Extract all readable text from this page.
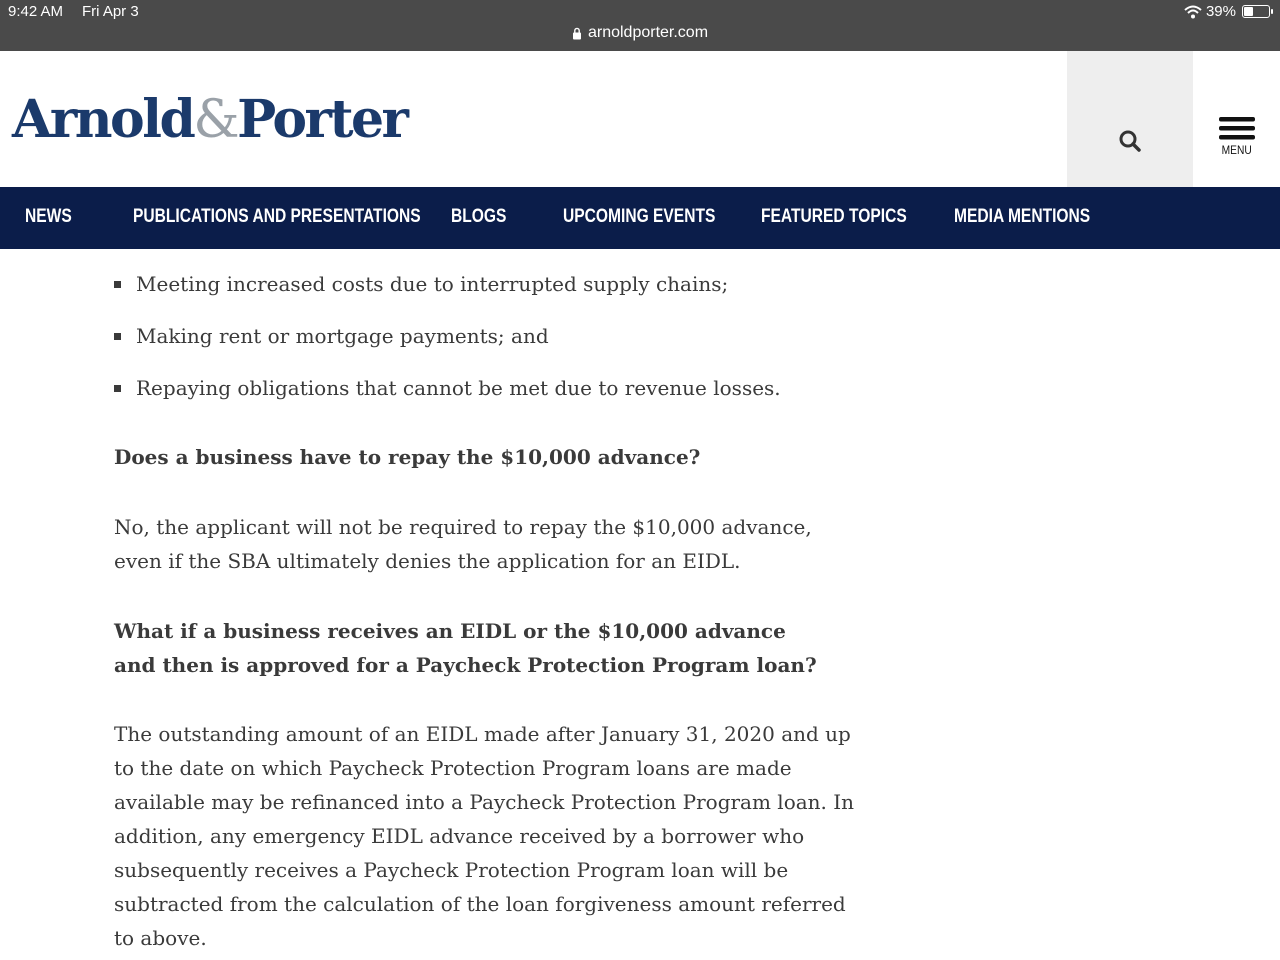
9:42 AM Fri Apr 3	39%
arnoldporter.com
Arnold&Porter	MENU
NEWS	PUBLICATIONS AND PRESENTATIONS BLOGS	UPCOMING EVENTS FEATURED TOPICS MEDIA MENTIONS
Meeting increased costs due to interrupted supply chains;
Making rent or mortgage payments; and
Repaying obligations that cannot be met due to revenue losses.

Does a business have to repay the $10,000 advance?

No, the applicant will not be required to repay the $10,000 advance,
even if the SBA ultimately denies the application for an EIDL.

What if a business receives an EIDL or the $10,000 advance
and then is approved for a Paycheck Protection Program loan?

The outstanding amount of an EIDL made after January 31, 2020 and up
to the date on which Paycheck Protection Program loans are made
available may be refinanced into a Paycheck Protection Program loan. In
addition, any emergency EIDL advance received by a borrower who
subsequently receives a Paycheck Protection Program loan will be
subtracted from the calculation of the loan forgiveness amount referred
to above.
